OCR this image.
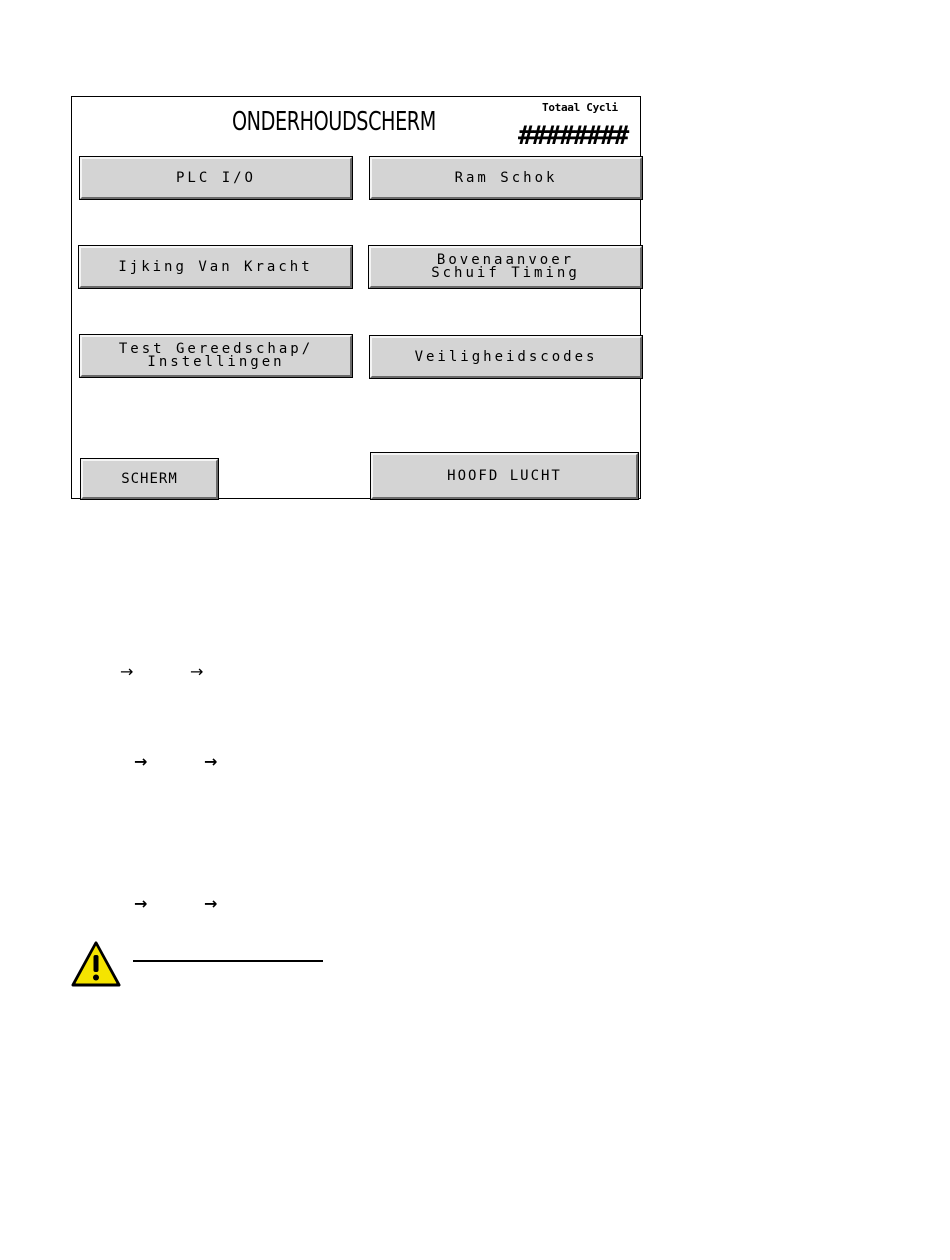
ONDERHOUDSCHERM	Totaal Cycli
########
PLC I/O	Ram Schok
Ijking Van Kracht	Bovenaanvoer
Schuif Timing
Test Gereedschap/
Instellingen	Veiligheidscodes
SCHERM	HOOFD LUCHT
→	→
→	→
→	→
